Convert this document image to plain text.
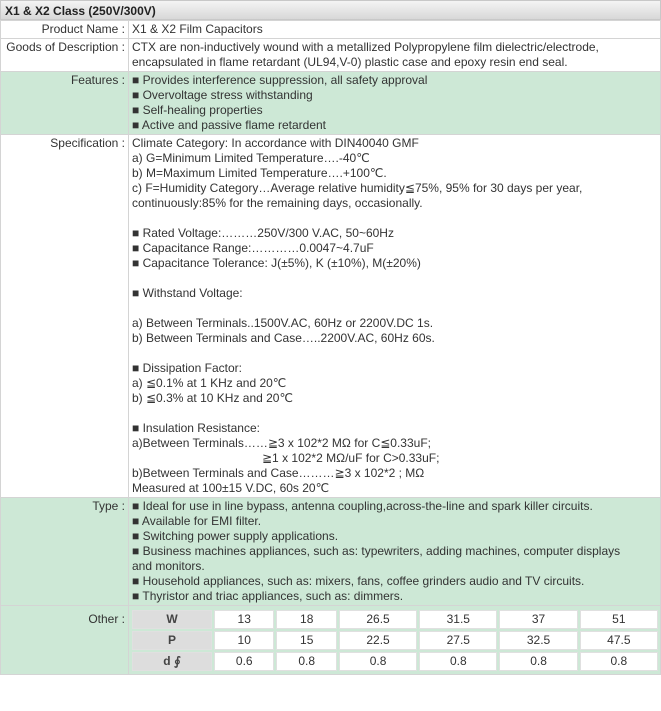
X1 & X2 Class (250V/300V)
Product Name :	X1 & X2 Film Capacitors
Goods of Description :	CTX are non-inductively wound with a metallized Polypropylene film dielectric/electrode,
encapsulated in flame retardant (UL94,V-0) plastic case and epoxy resin end seal.

Features :	■ Provides interference suppression, all safety approval
■ Overvoltage stress withstanding
■ Self-healing properties
■ Active and passive flame retardent

Specification :	Climate Category: In accordance with DIN40040 GMF
a) G=Minimum Limited Temperature….-40℃
b) M=Maximum Limited Temperature….+100℃.
c) F=Humidity Category…Average relative humidity≦75%, 95% for 30 days per year,
continuously:85% for the remaining days, occasionally.
■ Rated Voltage:………250V/300 V.AC, 50~60Hz
■ Capacitance Range:…………0.0047~4.7uF
■ Capacitance Tolerance: J(±5%), K (±10%), M(±20%)
■ Withstand Voltage:
a) Between Terminals..1500V.AC, 60Hz or 2200V.DC 1s.
b) Between Terminals and Case…..2200V.AC, 60Hz 60s.
■ Dissipation Factor:
a) ≦0.1% at 1 KHz and 20℃
b) ≦0.3% at 10 KHz and 20℃
■ Insulation Resistance:
a)Between Terminals……≧3 x 102*2 MΩ for C≦0.33uF;
≧1 x 102*2 MΩ/uF for C>0.33uF;
b)Between Terminals and Case………≧3 x 102*2 ; MΩ
Measured at 100±15 V.DC, 60s 20℃

Type :	■ Ideal for use in line bypass, antenna coupling,across-the-line and spark killer circuits.
■ Available for EMI filter.
■ Switching power supply applications.
■ Business machines appliances, such as: typewriters, adding machines, computer displays
and monitors.
■ Household appliances, such as: mixers, fans, coffee grinders audio and TV circuits.
■ Thyristor and triac appliances, such as: dimmers.

Other :		W	13	18	26.5	31.5	37	51
P	10	15	22.5	27.5	32.5	47.5
d ∮	0.6	0.8	0.8	0.8	0.8	0.8
